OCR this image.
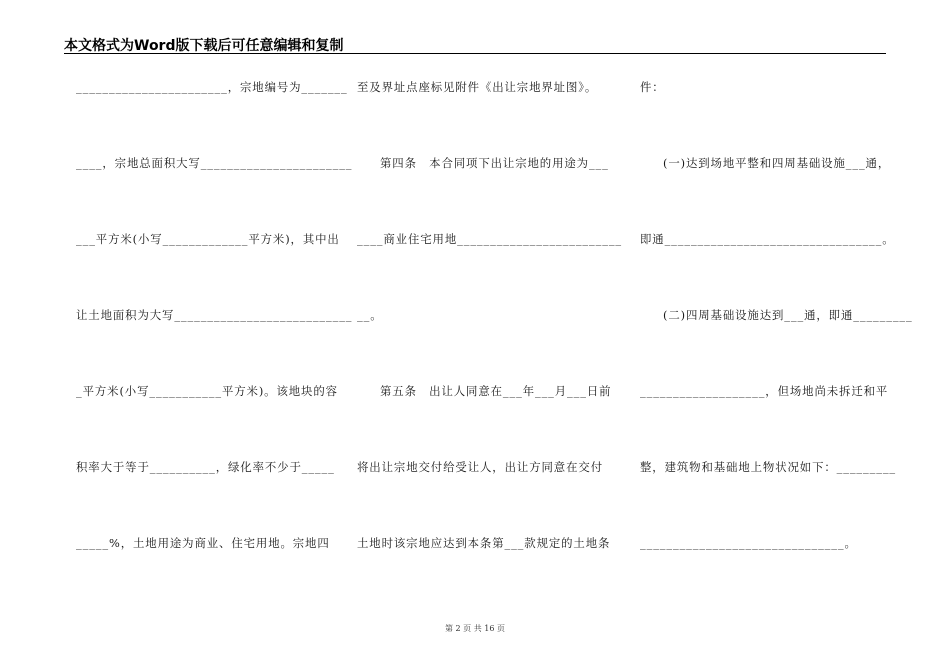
本文格式为Word版下载后可任意编辑和复制
_______________________，宗地编号为_______
____，宗地总面积大写_______________________
___平方米(小写_____________平方米)，其中出
让土地面积为大写___________________________
_平方米(小写___________平方米)。该地块的容
积率大于等于__________，绿化率不少于_____
_____%，土地用途为商业、住宅用地。宗地四
至及界址点座标见附件《出让宗地界址图》。
第四条　本合同项下出让宗地的用途为___
____商业住宅用地_________________________
__。
第五条　出让人同意在___年___月___日前
将出让宗地交付给受让人，出让方同意在交付
土地时该宗地应达到本条第___款规定的土地条
件：
(一)达到场地平整和四周基础设施___通，
即通_________________________________。
(二)四周基础设施达到___通，即通_________
___________________，但场地尚未拆迁和平
整，建筑物和基础地上物状况如下：_________
_______________________________。
第 2 页 共 16 页
